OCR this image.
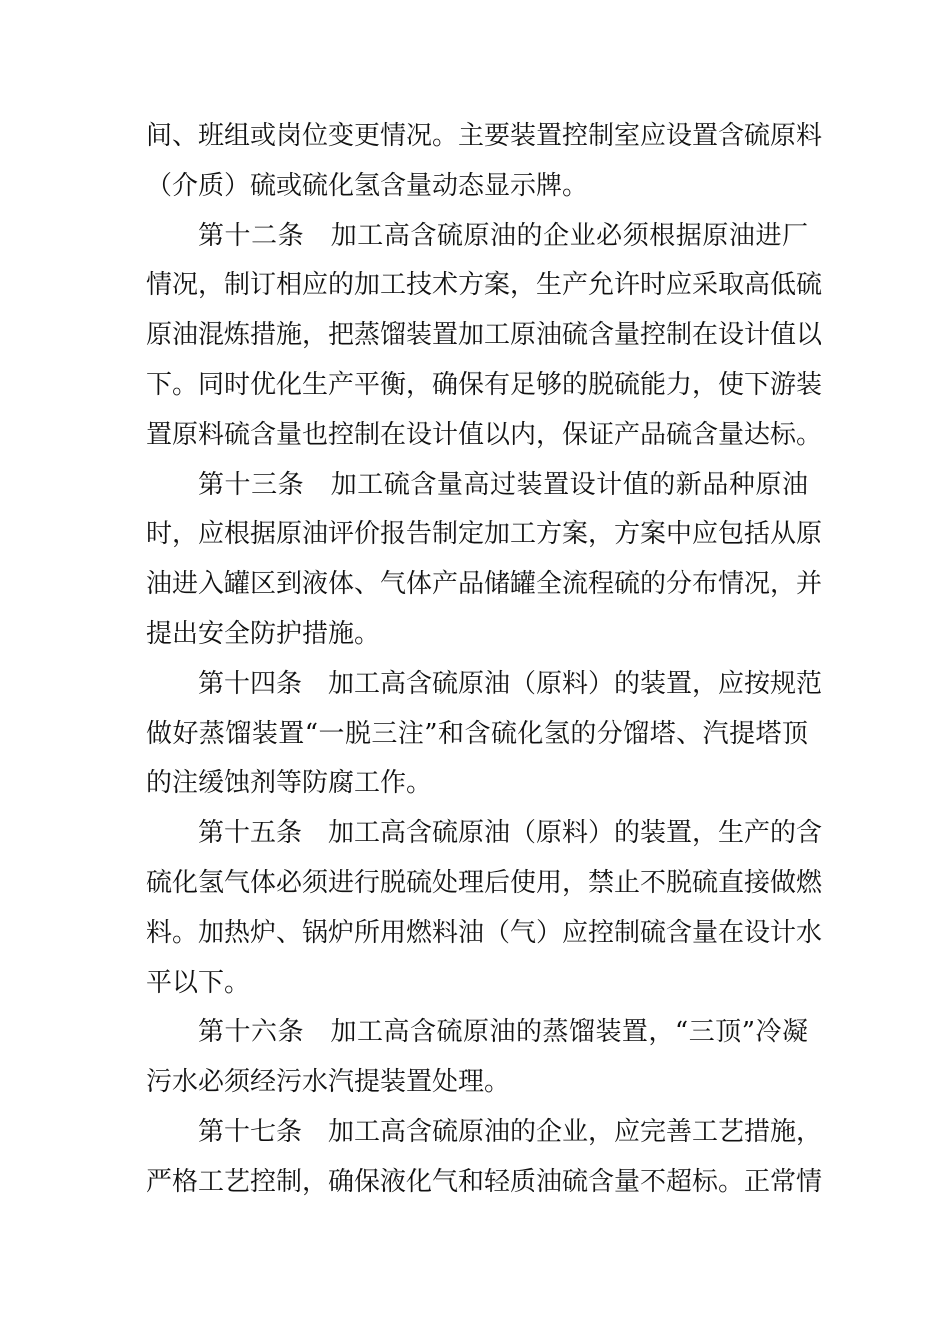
间、班组或岗位变更情况。主要装置控制室应设置含硫原料
（介质）硫或硫化氢含量动态显示牌。
第十二条　加工高含硫原油的企业必须根据原油进厂
情况，制订相应的加工技术方案，生产允许时应采取高低硫
原油混炼措施，把蒸馏装置加工原油硫含量控制在设计值以
下。同时优化生产平衡，确保有足够的脱硫能力，使下游装
置原料硫含量也控制在设计值以内，保证产品硫含量达标。
第十三条　加工硫含量高过装置设计值的新品种原油
时，应根据原油评价报告制定加工方案，方案中应包括从原
油进入罐区到液体、气体产品储罐全流程硫的分布情况，并
提出安全防护措施。
第十四条　加工高含硫原油（原料）的装置，应按规范
做好蒸馏装置“一脱三注”和含硫化氢的分馏塔、汽提塔顶
的注缓蚀剂等防腐工作。
第十五条　加工高含硫原油（原料）的装置，生产的含
硫化氢气体必须进行脱硫处理后使用，禁止不脱硫直接做燃
料。加热炉、锅炉所用燃料油（气）应控制硫含量在设计水
平以下。
第十六条　加工高含硫原油的蒸馏装置，“三顶”冷凝
污水必须经污水汽提装置处理。
第十七条　加工高含硫原油的企业，应完善工艺措施，
严格工艺控制，确保液化气和轻质油硫含量不超标。正常情
